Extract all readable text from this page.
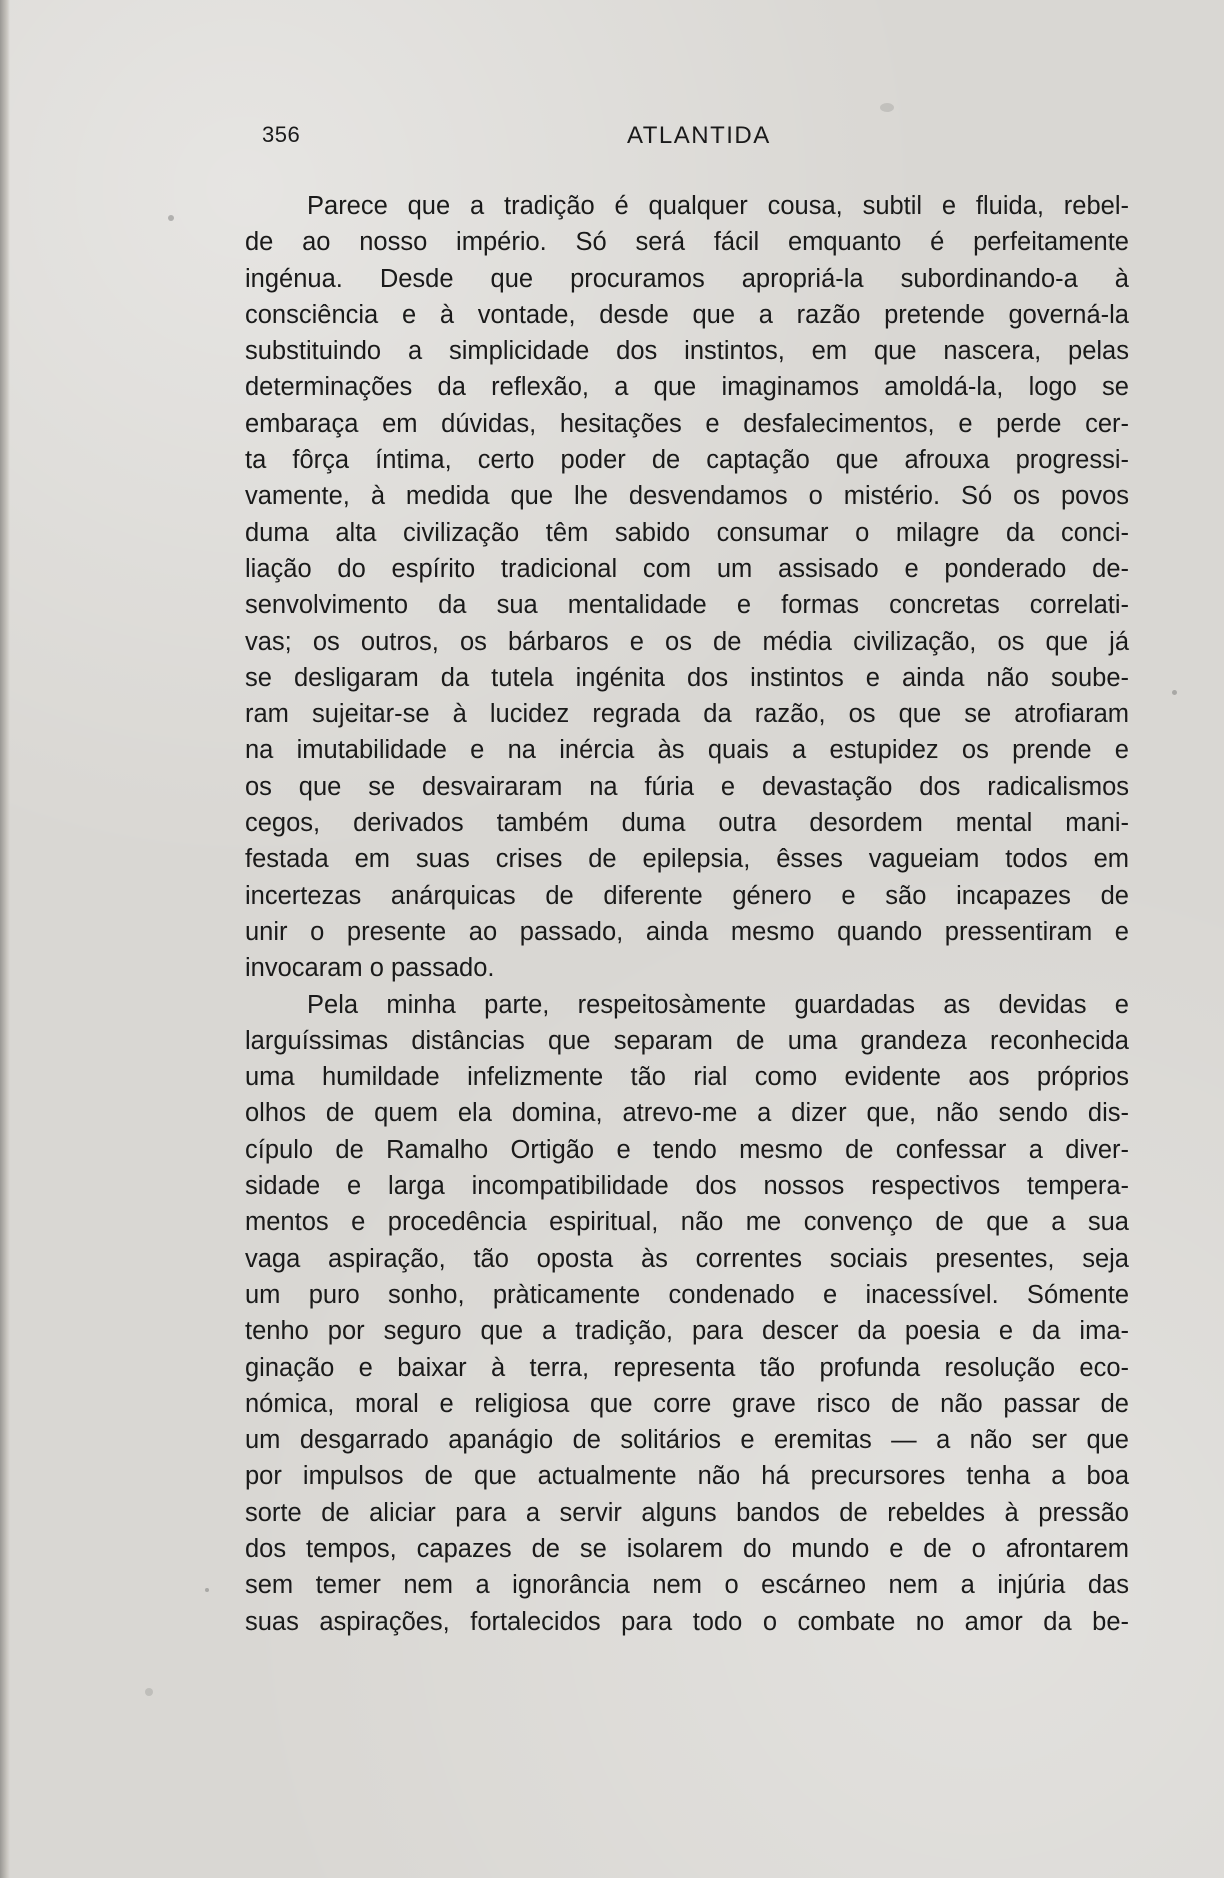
356	ATLANTIDA

Parece que a tradição é qualquer cousa, subtil e fluida, rebel-
de ao nosso império. Só será fácil emquanto é perfeitamente
ingénua. Desde que procuramos apropriá-la subordinando-a à
consciência e à vontade, desde que a razão pretende governá-la
substituindo a simplicidade dos instintos, em que nascera, pelas
determinações da reflexão, a que imaginamos amoldá-la, logo se
embaraça em dúvidas, hesitações e desfalecimentos, e perde cer-
ta fôrça íntima, certo poder de captação que afrouxa progressi-
vamente, à medida que lhe desvendamos o mistério. Só os povos
duma alta civilização têm sabido consumar o milagre da conci-
liação do espírito tradicional com um assisado e ponderado de-
senvolvimento da sua mentalidade e formas concretas correlati-
vas; os outros, os bárbaros e os de média civilização, os que já
se desligaram da tutela ingénita dos instintos e ainda não soube-
ram sujeitar-se à lucidez regrada da razão, os que se atrofiaram
na imutabilidade e na inércia às quais a estupidez os prende e
os que se desvairaram na fúria e devastação dos radicalismos
cegos, derivados também duma outra desordem mental mani-
festada em suas crises de epilepsia, êsses vagueiam todos em
incertezas anárquicas de diferente género e são incapazes de
unir o presente ao passado, ainda mesmo quando pressentiram e
invocaram o passado.

Pela minha parte, respeitosàmente guardadas as devidas e
larguíssimas distâncias que separam de uma grandeza reconhecida
uma humildade infelizmente tão rial como evidente aos próprios
olhos de quem ela domina, atrevo-me a dizer que, não sendo dis-
cípulo de Ramalho Ortigão e tendo mesmo de confessar a diver-
sidade e larga incompatibilidade dos nossos respectivos tempera-
mentos e procedência espiritual, não me convenço de que a sua
vaga aspiração, tão oposta às correntes sociais presentes, seja
um puro sonho, pràticamente condenado e inacessível. Sómente
tenho por seguro que a tradição, para descer da poesia e da ima-
ginação e baixar à terra, representa tão profunda resolução eco-
nómica, moral e religiosa que corre grave risco de não passar de
um desgarrado apanágio de solitários e eremitas — a não ser que
por impulsos de que actualmente não há precursores tenha a boa
sorte de aliciar para a servir alguns bandos de rebeldes à pressão
dos tempos, capazes de se isolarem do mundo e de o afrontarem
sem temer nem a ignorância nem o escárneo nem a injúria das
suas aspirações, fortalecidos para todo o combate no amor da be-
